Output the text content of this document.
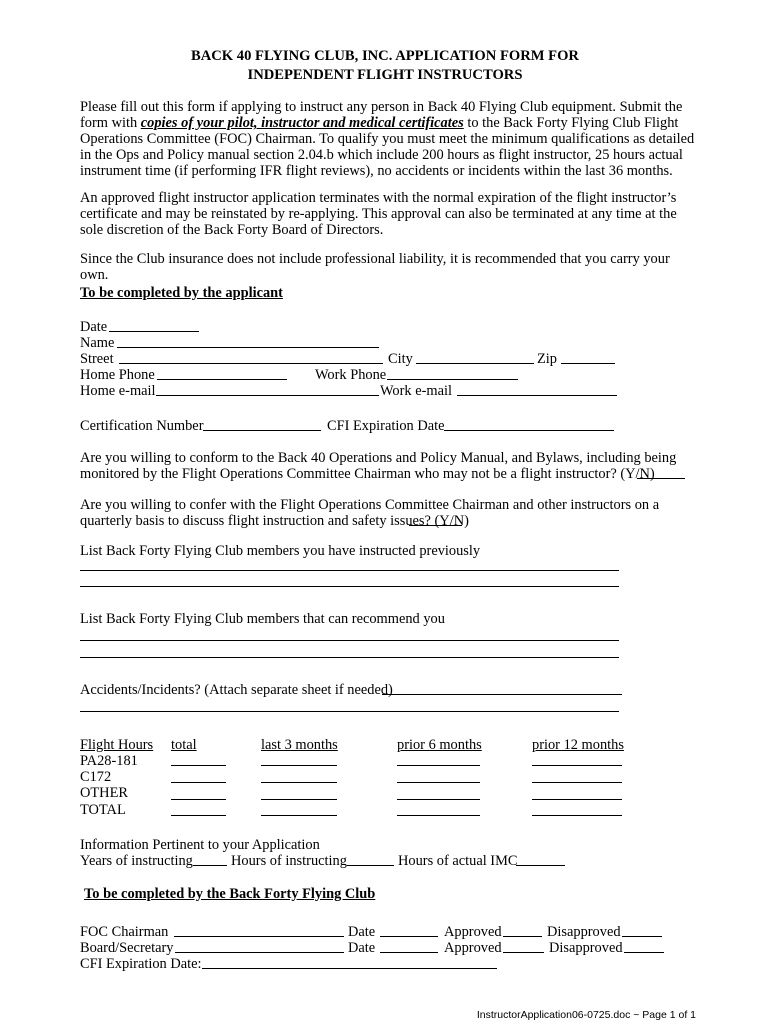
BACK 40 FLYING CLUB, INC. APPLICATION FORM FOR
INDEPENDENT FLIGHT INSTRUCTORS
Please fill out this form if applying to instruct any person in Back 40 Flying Club equipment. Submit the form with copies of your pilot, instructor and medical certificates to the Back Forty Flying Club Flight Operations Committee (FOC) Chairman. To qualify you must meet the minimum qualifications as detailed in the Ops and Policy manual section 2.04.b which include 200 hours as flight instructor, 25 hours actual instrument time (if performing IFR flight reviews), no accidents or incidents within the last 36 months.
An approved flight instructor application terminates with the normal expiration of the flight instructor’s certificate and may be reinstated by re-applying. This approval can also be terminated at any time at the sole discretion of the Back Forty Board of Directors.
Since the Club insurance does not include professional liability, it is recommended that you carry your own.
To be completed by the applicant
Date
Name
Street	City	Zip
Home Phone	Work Phone
Home e-mail	Work e-mail
Certification Number	CFI Expiration Date
Are you willing to conform to the Back 40 Operations and Policy Manual, and Bylaws, including being monitored by the Flight Operations Committee Chairman who may not be a flight instructor? (Y/N)
Are you willing to confer with the Flight Operations Committee Chairman and other instructors on a quarterly basis to discuss flight instruction and safety issues? (Y/N)
List Back Forty Flying Club members you have instructed previously
List Back Forty Flying Club members that can recommend you
Accidents/Incidents? (Attach separate sheet if needed)
Flight Hours total	last 3 months	prior 6 months	prior 12 months
PA28-181
C172
OTHER
TOTAL
Information Pertinent to your Application
Years of instructing	Hours of instructing	Hours of actual IMC
To be completed by the Back Forty Flying Club
FOC Chairman	Date	Approved	Disapproved
Board/Secretary	Date	Approved	Disapproved
CFI Expiration Date:
InstructorApplication06-0725.doc ~ Page 1 of 1
